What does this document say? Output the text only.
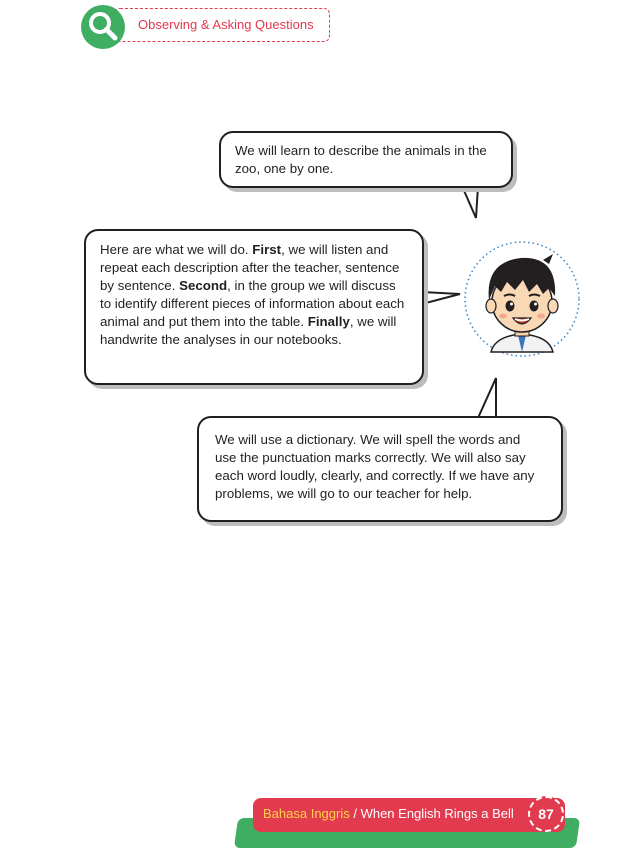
Observing & Asking Questions
We will learn to describe the animals in the zoo, one by one.
Here are what we will do. First, we will listen and repeat each description after the teacher, sentence by sentence. Second, in the group we will discuss to identify different pieces of information about each animal and put them into the table. Finally, we will handwrite the analyses in our notebooks.
We will use a dictionary. We will spell the words and use the punctuation marks correctly. We will also say each word loudly, clearly, and correctly. If we have any problems, we will go to our teacher for help.
Bahasa Inggris / When English Rings a Bell	87
